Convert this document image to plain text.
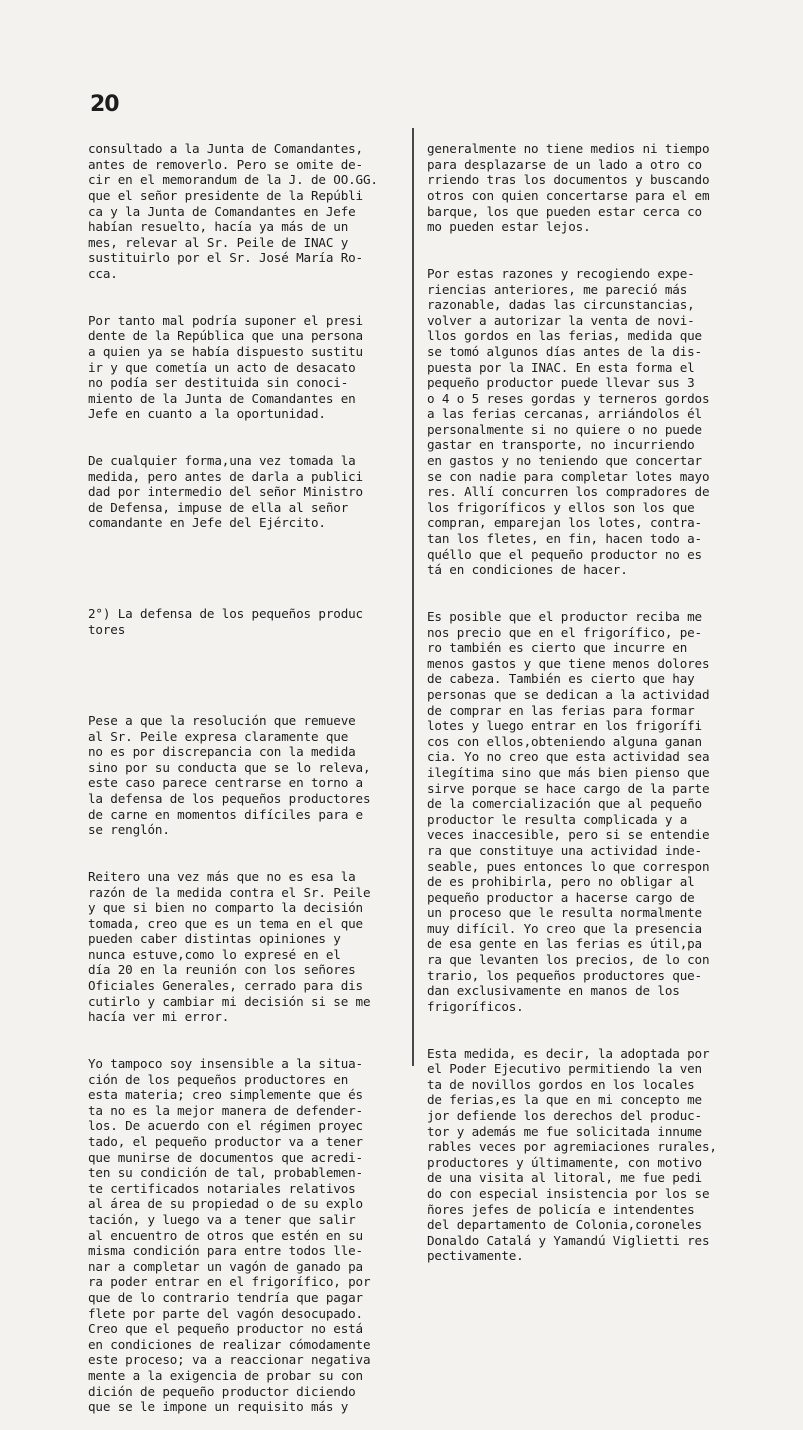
20

consultado a la Junta de Comandantes,
antes de removerlo. Pero se omite de-
cir en el memorandum de la J. de OO.GG.
que el señor presidente de la Repúbli
ca y la Junta de Comandantes en Jefe
habían resuelto, hacía ya más de un
mes, relevar al Sr. Peile de INAC y
sustituirlo por el Sr. José María Ro-
cca.

Por tanto mal podría suponer el presi
dente de la República que una persona
a quien ya se había dispuesto sustitu
ir y que cometía un acto de desacato
no podía ser destituida sin conoci-
miento de la Junta de Comandantes en
Jefe en cuanto a la oportunidad.

De cualquier forma,una vez tomada la
medida, pero antes de darla a publici
dad por intermedio del señor Ministro
de Defensa, impuse de ella al señor
comandante en Jefe del Ejército.

2°) La defensa de los pequeños produc
tores

Pese a que la resolución que remueve
al Sr. Peile expresa claramente que
no es por discrepancia con la medida
sino por su conducta que se lo releva,
este caso parece centrarse en torno a
la defensa de los pequeños productores
de carne en momentos difíciles para e
se renglón.

Reitero una vez más que no es esa la
razón de la medida contra el Sr. Peile
y que si bien no comparto la decisión
tomada, creo que es un tema en el que
pueden caber distintas opiniones y
nunca estuve,como lo expresé en el
día 20 en la reunión con los señores
Oficiales Generales, cerrado para dis
cutirlo y cambiar mi decisión si se me
hacía ver mi error.

Yo tampoco soy insensible a la situa-
ción de los pequeños productores en
esta materia; creo simplemente que és
ta no es la mejor manera de defender-
los. De acuerdo con el régimen proyec
tado, el pequeño productor va a tener
que munirse de documentos que acredi-
ten su condición de tal, probablemen-
te certificados notariales relativos
al área de su propiedad o de su explo
tación, y luego va a tener que salir
al encuentro de otros que estén en su
misma condición para entre todos lle-
nar a completar un vagón de ganado pa
ra poder entrar en el frigorífico, por
que de lo contrario tendría que pagar
flete por parte del vagón desocupado.
Creo que el pequeño productor no está
en condiciones de realizar cómodamente
este proceso; va a reaccionar negativa
mente a la exigencia de probar su con
dición de pequeño productor diciendo
que se le impone un requisito más y

generalmente no tiene medios ni tiempo
para desplazarse de un lado a otro co
rriendo tras los documentos y buscando
otros con quien concertarse para el em
barque, los que pueden estar cerca co
mo pueden estar lejos.

Por estas razones y recogiendo expe-
riencias anteriores, me pareció más
razonable, dadas las circunstancias,
volver a autorizar la venta de novi-
llos gordos en las ferias, medida que
se tomó algunos días antes de la dis-
puesta por la INAC. En esta forma el
pequeño productor puede llevar sus 3
o 4 o 5 reses gordas y terneros gordos
a las ferias cercanas, arriándolos él
personalmente si no quiere o no puede
gastar en transporte, no incurriendo
en gastos y no teniendo que concertar
se con nadie para completar lotes mayo
res. Allí concurren los compradores de
los frigoríficos y ellos son los que
compran, emparejan los lotes, contra-
tan los fletes, en fin, hacen todo a-
quéllo que el pequeño productor no es
tá en condiciones de hacer.

Es posible que el productor reciba me
nos precio que en el frigorífico, pe-
ro también es cierto que incurre en
menos gastos y que tiene menos dolores
de cabeza. También es cierto que hay
personas que se dedican a la actividad
de comprar en las ferias para formar
lotes y luego entrar en los frigorífi
cos con ellos,obteniendo alguna ganan
cia. Yo no creo que esta actividad sea
ilegítima sino que más bien pienso que
sirve porque se hace cargo de la parte
de la comercialización que al pequeño
productor le resulta complicada y a
veces inaccesible, pero si se entendie
ra que constituye una actividad inde-
seable, pues entonces lo que correspon
de es prohibirla, pero no obligar al
pequeño productor a hacerse cargo de
un proceso que le resulta normalmente
muy difícil. Yo creo que la presencia
de esa gente en las ferias es útil,pa
ra que levanten los precios, de lo con
trario, los pequeños productores que-
dan exclusivamente en manos de los
frigoríficos.

Esta medida, es decir, la adoptada por
el Poder Ejecutivo permitiendo la ven
ta de novillos gordos en los locales
de ferias,es la que en mi concepto me
jor defiende los derechos del produc-
tor y además me fue solicitada innume
rables veces por agremiaciones rurales,
productores y últimamente, con motivo
de una visita al litoral, me fue pedi
do con especial insistencia por los se
ñores jefes de policía e intendentes
del departamento de Colonia,coroneles
Donaldo Catalá y Yamandú Viglietti res
pectivamente.
